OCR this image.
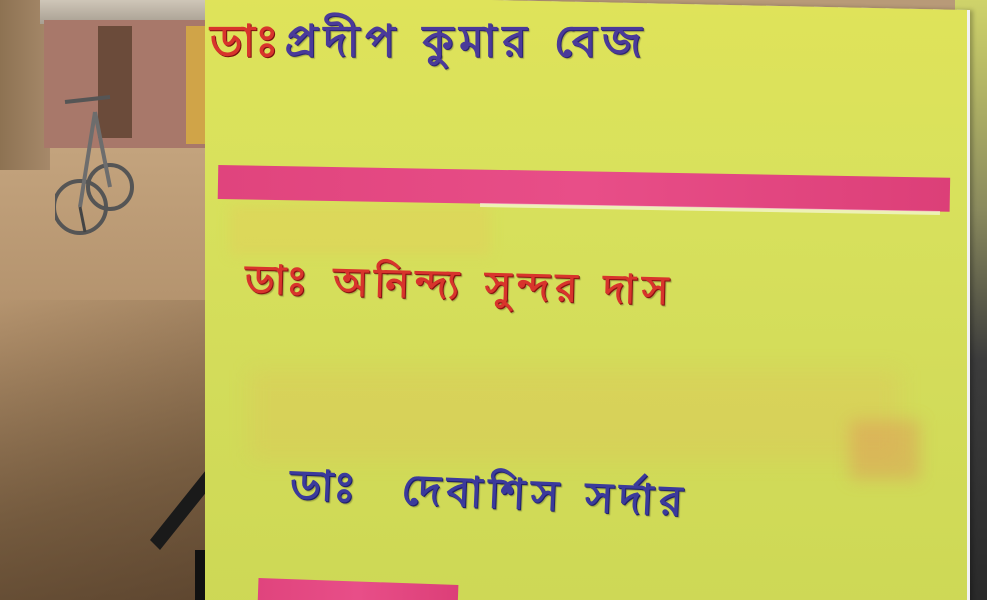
ডাঃপ্রদীপ কুমার বেজ
ডাঃ অনিন্দ্য সুন্দর দাস
ডাঃ দেবাশিস সর্দার
